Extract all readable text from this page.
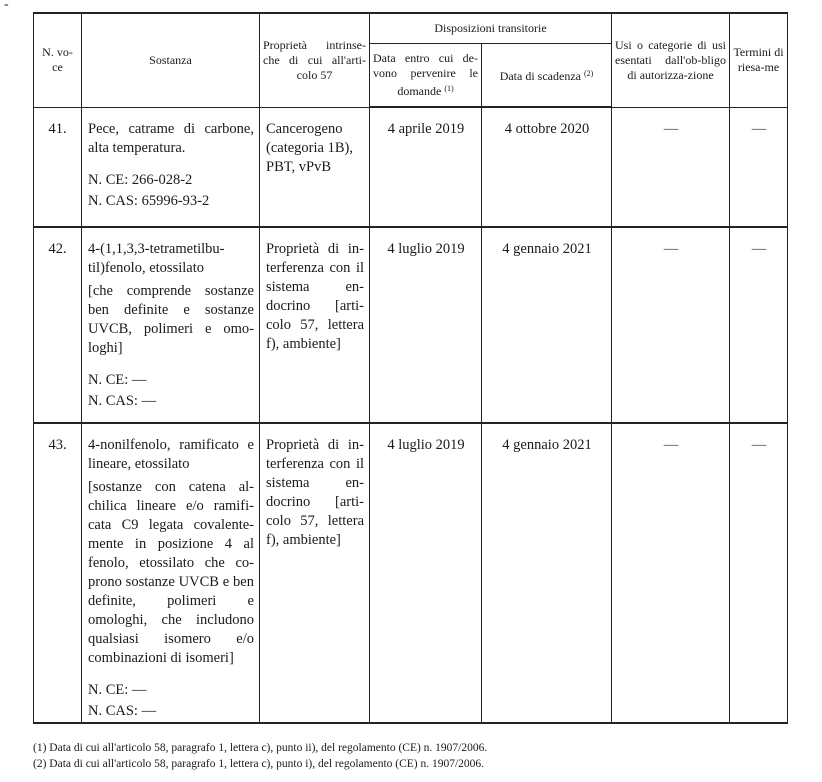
-
N. vo-ce	Sostanza	Proprietà intrinse-che di cui all'arti-colo 57	Disposizioni transitorie		Usi o categorie di usi esentati dall'ob-bligo di autorizza-zione	Termini di riesa-me
			Data entro cui de-vono pervenire le domande $^{(1)}$	Data di scadenza $^{(2)}$
41.	Pece, catrame di carbone, alta temperatura.
N. CE: 266-028-2
N. CAS: 65996-93-2	Cancerogeno (categoria 1B), PBT, vPvB	4 aprile 2019	4 ottobre 2020	—	—
42.	4-(1,1,3,3-tetrametilbu-til)fenolo, etossilato
[che comprende sostanze ben definite e sostanze UVCB, polimeri e omo-loghi]
N. CE: —
N. CAS: —	Proprietà di in-terferenza con il sistema en-docrino [arti-colo 57, lettera f), ambiente]	4 luglio 2019	4 gennaio 2021	—	—
43.	4-nonilfenolo, ramificato e lineare, etossilato
[sostanze con catena al-chilica lineare e/o ramifi-cata C9 legata covalente-mente in posizione 4 al fenolo, etossilato che co-prono sostanze UVCB e ben definite, polimeri e omologhi, che includono qualsiasi isomero e/o combinazioni di isomeri]
N. CE: —
N. CAS: —	Proprietà di in-terferenza con il sistema en-docrino [arti-colo 57, lettera f), ambiente]	4 luglio 2019	4 gennaio 2021	—	—
(1) Data di cui all'articolo 58, paragrafo 1, lettera c), punto ii), del regolamento (CE) n. 1907/2006.
(2) Data di cui all'articolo 58, paragrafo 1, lettera c), punto i), del regolamento (CE) n. 1907/2006.
